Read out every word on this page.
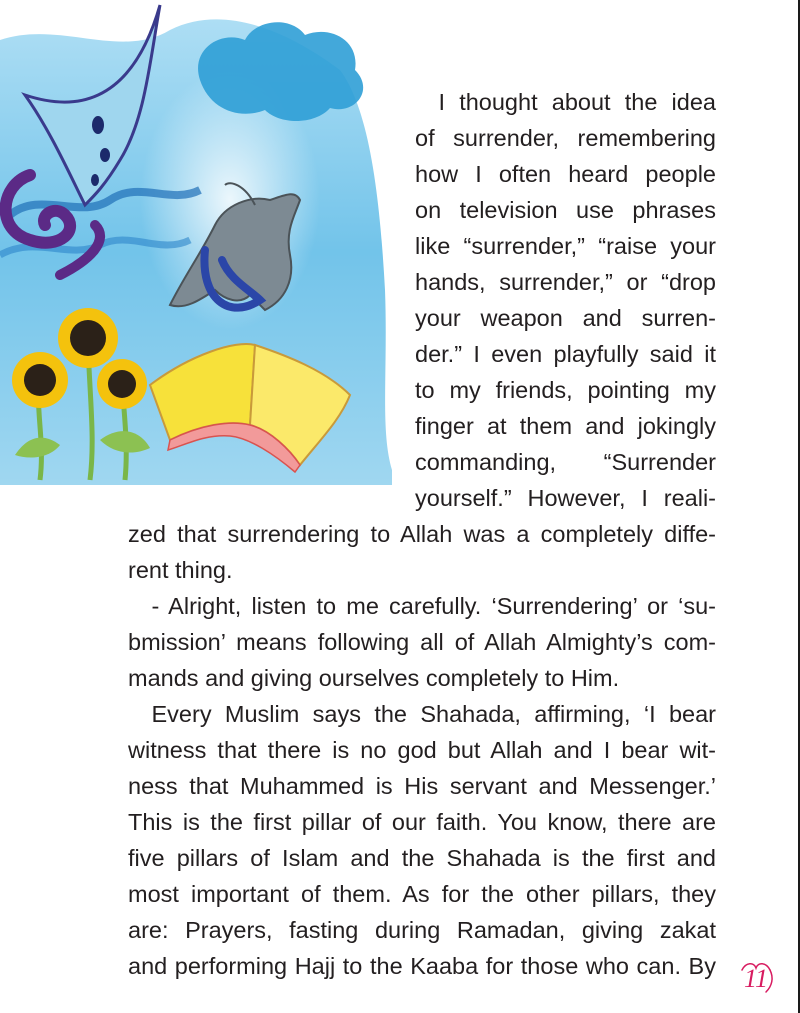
 I thought about the idea
of surrender, remembering
how I often heard people
on television use phrases
like “surrender,” “raise your
hands, surrender,” or “drop
your weapon and surren-
der.” I even playfully said it
to my friends, pointing my
finger at them and jokingly
commanding, “Surrender
yourself.” However, I reali-
zed that surrendering to Allah was a completely diffe-
rent thing.
 - Alright, listen to me carefully. ‘Surrendering’ or ‘su-
bmission’ means following all of Allah Almighty’s com-
mands and giving ourselves completely to Him.
 Every Muslim says the Shahada, affirming, ‘I bear
witness that there is no god but Allah and I bear wit-
ness that Muhammed is His servant and Messenger.’
This is the first pillar of our faith. You know, there are
five pillars of Islam and the Shahada is the first and
most important of them. As for the other pillars, they
are: Prayers, fasting during Ramadan, giving zakat
and performing Hajj to the Kaaba for those who can. By	11
